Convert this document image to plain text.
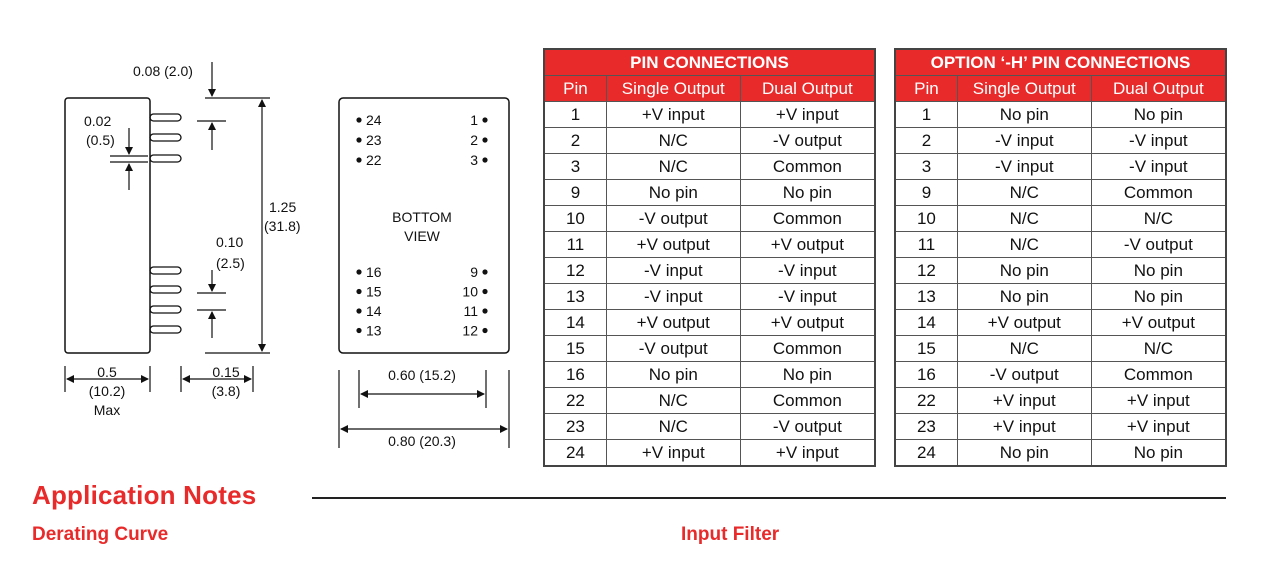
0.08 (2.0)
1.25
(31.8)
0.02
(0.5)
0.10
(2.5)
0.5
(10.2)
Max
0.15
(3.8)
BOTTOM
VIEW
24
23
22
1
2
3
16
15
14
13
9
10
11
12
0.60 (15.2)
0.80 (20.3)
PIN CONNECTIONS		
Pin	Single Output	Dual Output
1	+V input	+V input
2	N/C	-V output
3	N/C	Common
9	No pin	No pin
10	-V output	Common
11	+V output	+V output
12	-V input	-V input
13	-V input	-V input
14	+V output	+V output
15	-V output	Common
16	No pin	No pin
22	N/C	Common
23	N/C	-V output
24	+V input	+V input
OPTION ‘-H’ PIN CONNECTIONS		
Pin	Single Output	Dual Output
1	No pin	No pin
2	-V input	-V input
3	-V input	-V input
9	N/C	Common
10	N/C	N/C
11	N/C	-V output
12	No pin	No pin
13	No pin	No pin
14	+V output	+V output
15	N/C	N/C
16	-V output	Common
22	+V input	+V input
23	+V input	+V input
24	No pin	No pin
Application Notes
Derating Curve	Input Filter
